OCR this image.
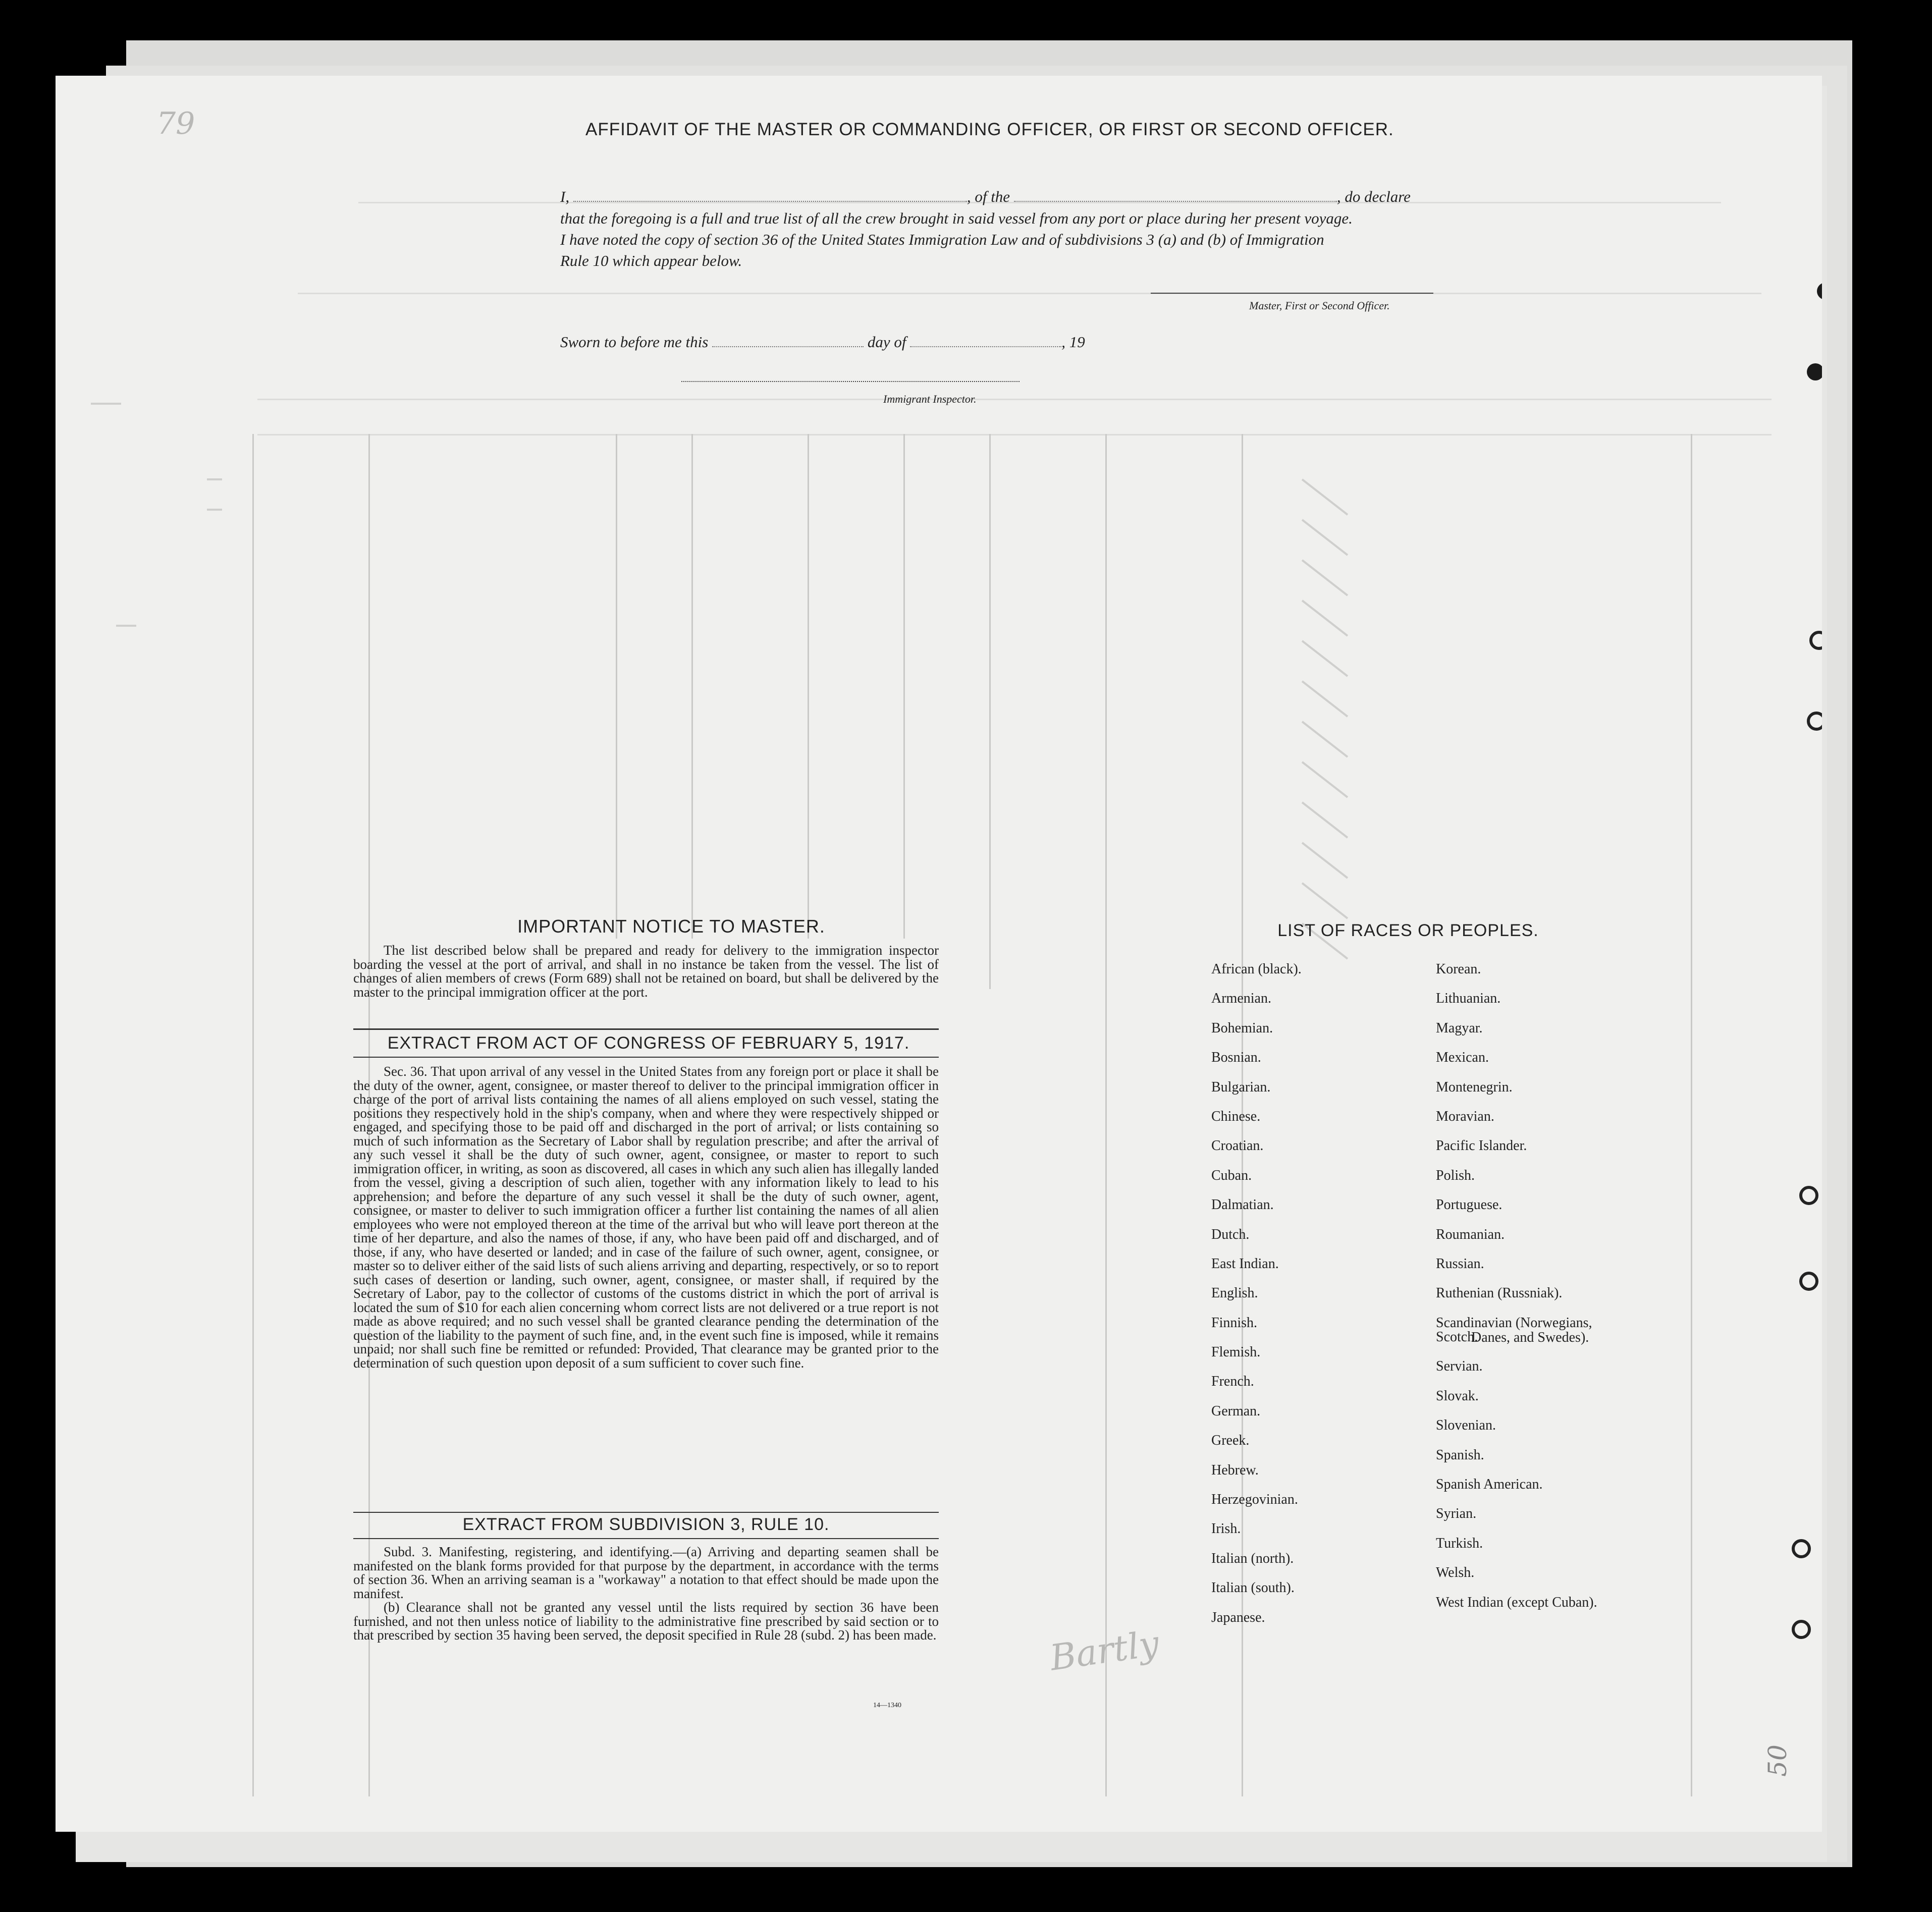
79
Bartly
50
AFFIDAVIT OF THE MASTER OR COMMANDING OFFICER, OR FIRST OR SECOND OFFICER.
I,	, of the	, do declare
that the foregoing is a full and true list of all the crew brought in said vessel from any port or place during her present voyage.
I have noted the copy of section 36 of the United States Immigration Law and of subdivisions 3 (a) and (b) of Immigration
Rule 10 which appear below.
Master, First or Second Officer.
Sworn to before me this	day of	, 19
Immigrant Inspector.
IMPORTANT NOTICE TO MASTER.

The list described below shall be prepared and ready for delivery to the immigration inspector boarding the vessel at the port of arrival, and shall in no instance be taken from the vessel. The list of changes of alien members of crews (Form 689) shall not be retained on board, but shall be delivered by the master to the principal immigration officer at the port.

EXTRACT FROM ACT OF CONGRESS OF FEBRUARY 5, 1917.

Sec. 36. That upon arrival of any vessel in the United States from any foreign port or place it shall be the duty of the owner, agent, consignee, or master thereof to deliver to the principal immigration officer in charge of the port of arrival lists containing the names of all aliens employed on such vessel, stating the positions they respectively hold in the ship's company, when and where they were respectively shipped or engaged, and specifying those to be paid off and discharged in the port of arrival; or lists containing so much of such information as the Secretary of Labor shall by regulation prescribe; and after the arrival of any such vessel it shall be the duty of such owner, agent, consignee, or master to report to such immigration officer, in writing, as soon as discovered, all cases in which any such alien has illegally landed from the vessel, giving a description of such alien, together with any information likely to lead to his apprehension; and before the departure of any such vessel it shall be the duty of such owner, agent, consignee, or master to deliver to such immigration officer a further list containing the names of all alien employees who were not employed thereon at the time of the arrival but who will leave port thereon at the time of her departure, and also the names of those, if any, who have been paid off and discharged, and of those, if any, who have deserted or landed; and in case of the failure of such owner, agent, consignee, or master so to deliver either of the said lists of such aliens arriving and departing, respectively, or so to report such cases of desertion or landing, such owner, agent, consignee, or master shall, if required by the Secretary of Labor, pay to the collector of customs of the customs district in which the port of arrival is located the sum of $10 for each alien concerning whom correct lists are not delivered or a true report is not made as above required; and no such vessel shall be granted clearance pending the determination of the question of the liability to the payment of such fine, and, in the event such fine is imposed, while it remains unpaid; nor shall such fine be remitted or refunded: Provided, That clearance may be granted prior to the determination of such question upon deposit of a sum sufficient to cover such fine.

EXTRACT FROM SUBDIVISION 3, RULE 10.

Subd. 3. Manifesting, registering, and identifying.—(a) Arriving and departing seamen shall be manifested on the blank forms provided for that purpose by the department, in accordance with the terms of section 36. When an arriving seaman is a "workaway" a notation to that effect should be made upon the manifest.

(b) Clearance shall not be granted any vessel until the lists required by section 36 have been furnished, and not then unless notice of liability to the administrative fine prescribed by said section or to that prescribed by section 35 having been served, the deposit specified in Rule 28 (subd. 2) has been made.

14—1340
LIST OF RACES OR PEOPLES.
African (black).
Armenian.
Bohemian.
Bosnian.
Bulgarian.
Chinese.
Croatian.
Cuban.
Dalmatian.
Dutch.
East Indian.
English.
Finnish.
Flemish.
French.
German.
Greek.
Hebrew.
Herzegovinian.
Irish.
Italian (north).
Italian (south).
Japanese.
Korean.
Lithuanian.
Magyar.
Mexican.
Montenegrin.
Moravian.
Pacific Islander.
Polish.
Portuguese.
Roumanian.
Russian.
Ruthenian (Russniak).
Scandinavian (Norwegians,
Danes, and Swedes).
Scotch.
Servian.
Slovak.
Slovenian.
Spanish.
Spanish American.
Syrian.
Turkish.
Welsh.
West Indian (except Cuban).
